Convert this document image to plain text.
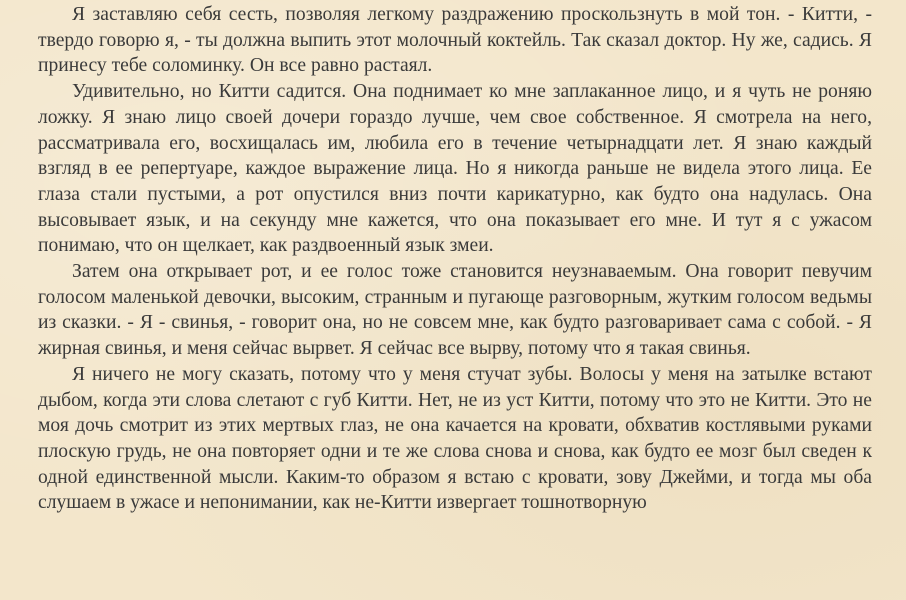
Я заставляю себя сесть, позволяя легкому раздражению проскользнуть в мой тон. - Китти, - твердо говорю я, - ты должна выпить этот молочный коктейль. Так сказал доктор. Ну же, садись. Я принесу тебе соломинку. Он все равно растаял.

Удивительно, но Китти садится. Она поднимает ко мне заплаканное лицо, и я чуть не роняю ложку. Я знаю лицо своей дочери гораздо лучше, чем свое собственное. Я смотрела на него, рассматривала его, восхищалась им, любила его в течение четырнадцати лет. Я знаю каждый взгляд в ее репертуаре, каждое выражение лица. Но я никогда раньше не видела этого лица. Ее глаза стали пустыми, а рот опустился вниз почти карикатурно, как будто она надулась. Она высовывает язык, и на секунду мне кажется, что она показывает его мне. И тут я с ужасом понимаю, что он щелкает, как раздвоенный язык змеи.

Затем она открывает рот, и ее голос тоже становится неузнаваемым. Она говорит певучим голосом маленькой девочки, высоким, странным и пугающе разговорным, жутким голосом ведьмы из сказки. - Я - свинья, - говорит она, но не совсем мне, как будто разговаривает сама с собой. - Я жирная свинья, и меня сейчас вырвет. Я сейчас все вырву, потому что я такая свинья.

Я ничего не могу сказать, потому что у меня стучат зубы. Волосы у меня на затылке встают дыбом, когда эти слова слетают с губ Китти. Нет, не из уст Китти, потому что это не Китти. Это не моя дочь смотрит из этих мертвых глаз, не она качается на кровати, обхватив костлявыми руками плоскую грудь, не она повторяет одни и те же слова снова и снова, как будто ее мозг был сведен к одной единственной мысли. Каким-то образом я встаю с кровати, зову Джейми, и тогда мы оба слушаем в ужасе и непонимании, как не-Китти извергает тошнотворную
